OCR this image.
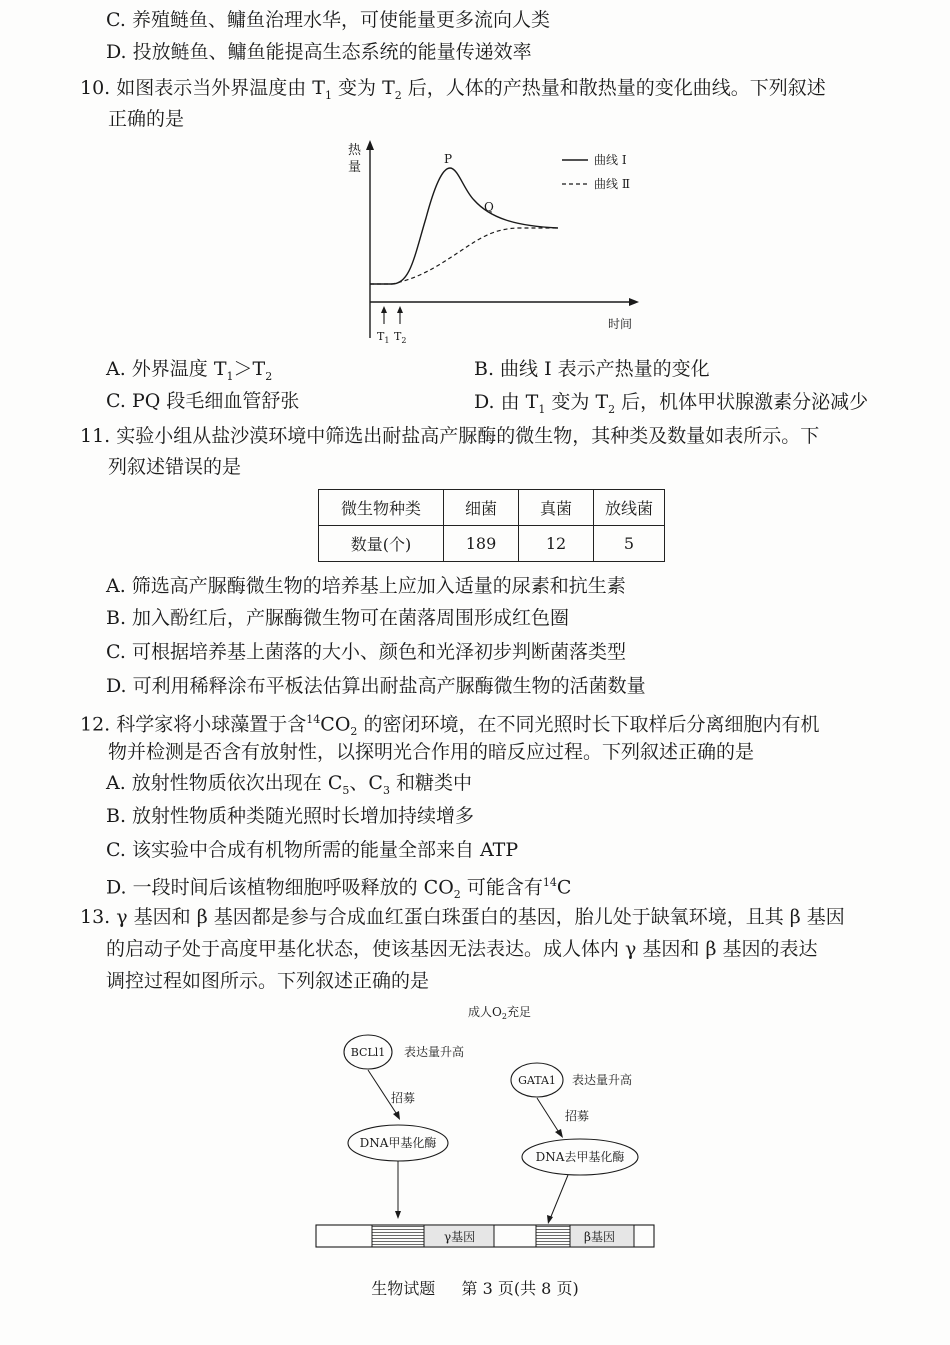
C. 养殖鲢鱼、鳙鱼治理水华，可使能量更多流向人类
D. 投放鲢鱼、鳙鱼能提高生态系统的能量传递效率
10. 如图表示当外界温度由 $T_1$ 变为 $T_2$ 后，人体的产热量和散热量的变化曲线。下列叙述
正确的是
热
量
时间
P
Q
曲线 Ⅰ
曲线 Ⅱ
$T_1$ $T_2$
A. 外界温度 $T_1>T_2$	B. 曲线 Ⅰ 表示产热量的变化
C. PQ 段毛细血管舒张	D. 由 $T_1$ 变为 $T_2$ 后，机体甲状腺激素分泌减少
11. 实验小组从盐沙漠环境中筛选出耐盐高产脲酶的微生物，其种类及数量如表所示。下
列叙述错误的是
微生物种类	细菌	真菌	放线菌
数量(个)	189	12	5
A. 筛选高产脲酶微生物的培养基上应加入适量的尿素和抗生素
B. 加入酚红后，产脲酶微生物可在菌落周围形成红色圈
C. 可根据培养基上菌落的大小、颜色和光泽初步判断菌落类型
D. 可利用稀释涂布平板法估算出耐盐高产脲酶微生物的活菌数量
12. 科学家将小球藻置于含$^{14}CO_2$ 的密闭环境，在不同光照时长下取样后分离细胞内有机
物并检测是否含有放射性，以探明光合作用的暗反应过程。下列叙述正确的是
A. 放射性物质依次出现在 $C_5$、$C_3$ 和糖类中
B. 放射性物质种类随光照时长增加持续增多
C. 该实验中合成有机物所需的能量全部来自 ATP
D. 一段时间后该植物细胞呼吸释放的 $CO_2$ 可能含有$^{14}$C
13. γ 基因和 β 基因都是参与合成血红蛋白珠蛋白的基因，胎儿处于缺氧环境，且其 β 基因
的启动子处于高度甲基化状态，使该基因无法表达。成人体内 γ 基因和 β 基因的表达
调控过程如图所示。下列叙述正确的是
成人$O_2$充足
BCLl1 表达量升高
招募
DNA甲基化酶
GATA1 表达量升高
招募
DNA去甲基化酶
γ基因	β基因
生物试题 第 3 页(共 8 页)
